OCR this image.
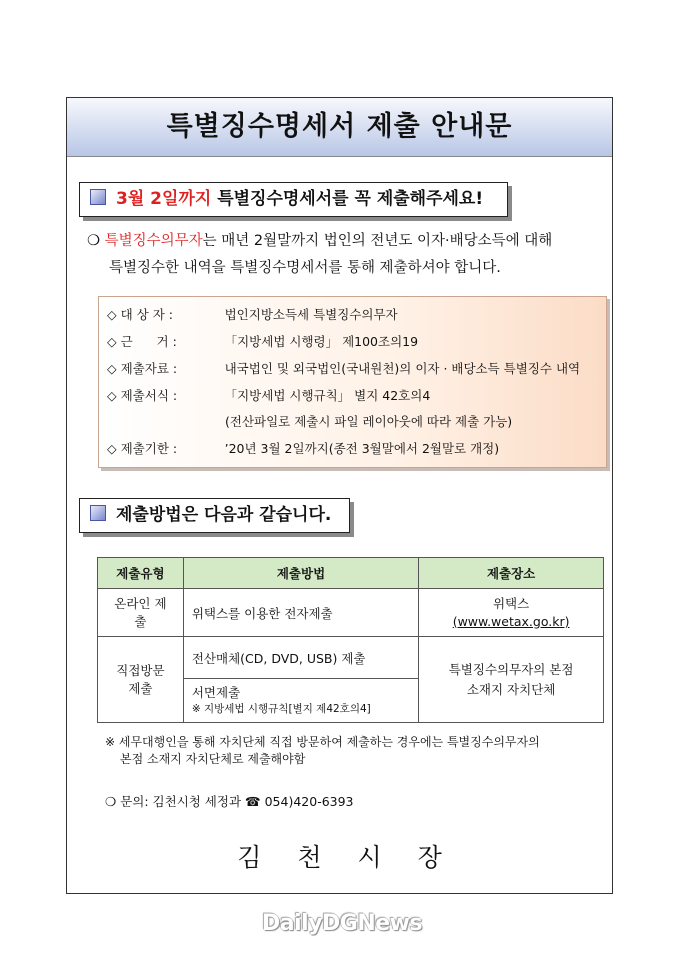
특별징수명세서 제출 안내문
3월 2일까지 특별징수명세서를 꼭 제출해주세요!
❍ 특별징수의무자는 매년 2월말까지 법인의 전년도 이자·배당소득에 대해
특별징수한 내역을 특별징수명세서를 통해 제출하셔야 합니다.
◇ 대 상 자 :	법인지방소득세 특별징수의무자
◇ 근      거 :	「지방세법 시행령」 제100조의19
◇ 제출자료 :	내국법인 및 외국법인(국내원천)의 이자 · 배당소득 특별징수 내역
◇ 제출서식 :	「지방세법 시행규칙」 별지 42호의4
(전산파일로 제출시 파일 레이아웃에 따라 제출 가능)
◇ 제출기한 :	’20년 3월 2일까지(종전 3월말에서 2월말로 개정)
제출방법은 다음과 같습니다.
제출유형	제출방법	제출장소
온라인 제출	위택스를 이용한 전자제출	위택스
(www.wetax.go.kr)

직접방문 제출	전산매체(CD, DVD, USB) 제출	특별징수의무자의 본점
소재지 자치단체

	서면제출
※ 지방세법 시행규칙[별지 제42호의4]	
※ 세무대행인을 통해 자치단체 직접 방문하여 제출하는 경우에는 특별징수의무자의
본점 소재지 자치단체로 제출해야함
❍ 문의: 김천시청 세정과 ☎ 054)420-6393
김 천 시 장
DailyDGNews
